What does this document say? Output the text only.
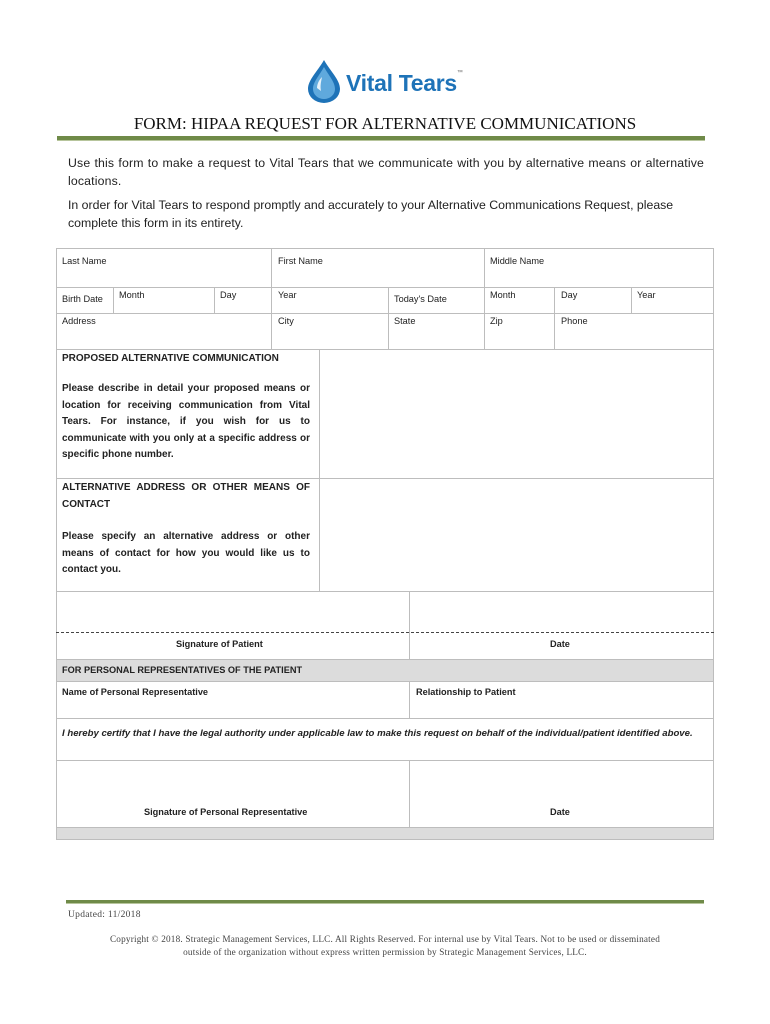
Vital Tears™
FORM: HIPAA REQUEST FOR ALTERNATIVE COMMUNICATIONS

Use this form to make a request to Vital Tears that we communicate with you by alternative means or alternative locations.

In order for Vital Tears to respond promptly and accurately to your Alternative Communications Request, please complete this form in its entirety.

Last Name	First Name	Middle Name
Birth Date Month	Day	Year	Today's Date	Month	Day	Year
Address	City	State	Zip	Phone
PROPOSED ALTERNATIVE COMMUNICATION

Please describe in detail your proposed means or location for receiving communication from Vital Tears. For instance, if you wish for us to communicate with you only at a specific address or specific phone number.

ALTERNATIVE ADDRESS OR OTHER MEANS OF CONTACT

Please specify an alternative address or other means of contact for how you would like us to contact you.

Signature of Patient	Date
FOR PERSONAL REPRESENTATIVES OF THE PATIENT
Name of Personal Representative	Relationship to Patient

I hereby certify that I have the legal authority under applicable law to make this request on behalf of the individual/patient identified above.

Signature of Personal Representative	Date
Updated: 11/2018

Copyright © 2018. Strategic Management Services, LLC. All Rights Reserved. For internal use by Vital Tears. Not to be used or disseminated
outside of the organization without express written permission by Strategic Management Services, LLC.
